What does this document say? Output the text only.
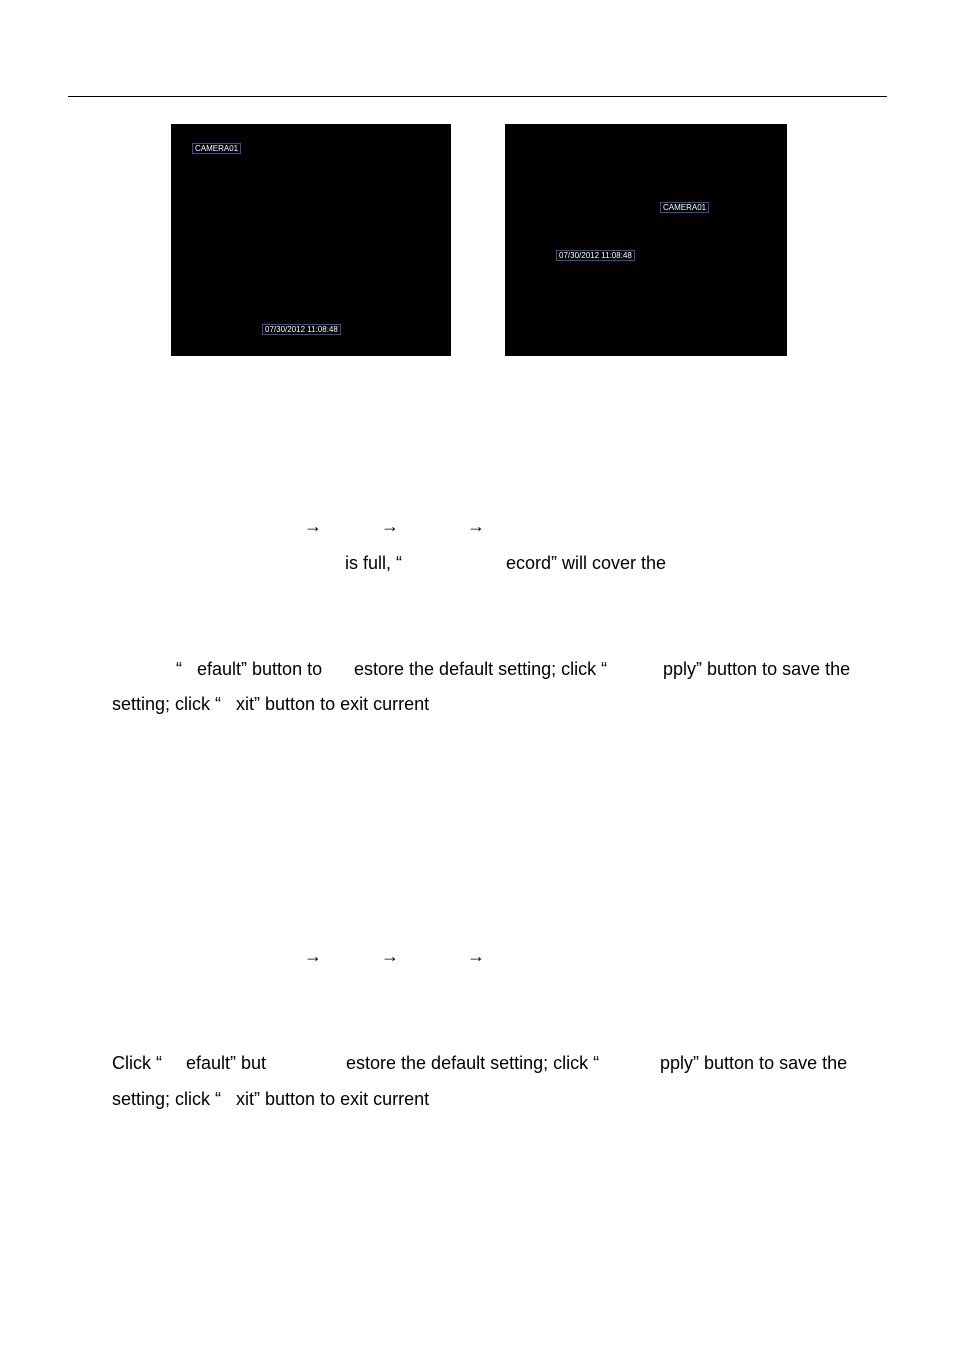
CAMERA01
07/30/2012 11:08:48
CAMERA01
07/30/2012 11:08:48
→	→	→
is full, “	ecord” will cover the
“ efault” button to estore the default setting; click “	pply” button to save the
setting; click “   xit” button to exit current
→	→	→
Click “ efault” but	estore the default setting; click “	pply” button to save the
setting; click “   xit” button to exit current
